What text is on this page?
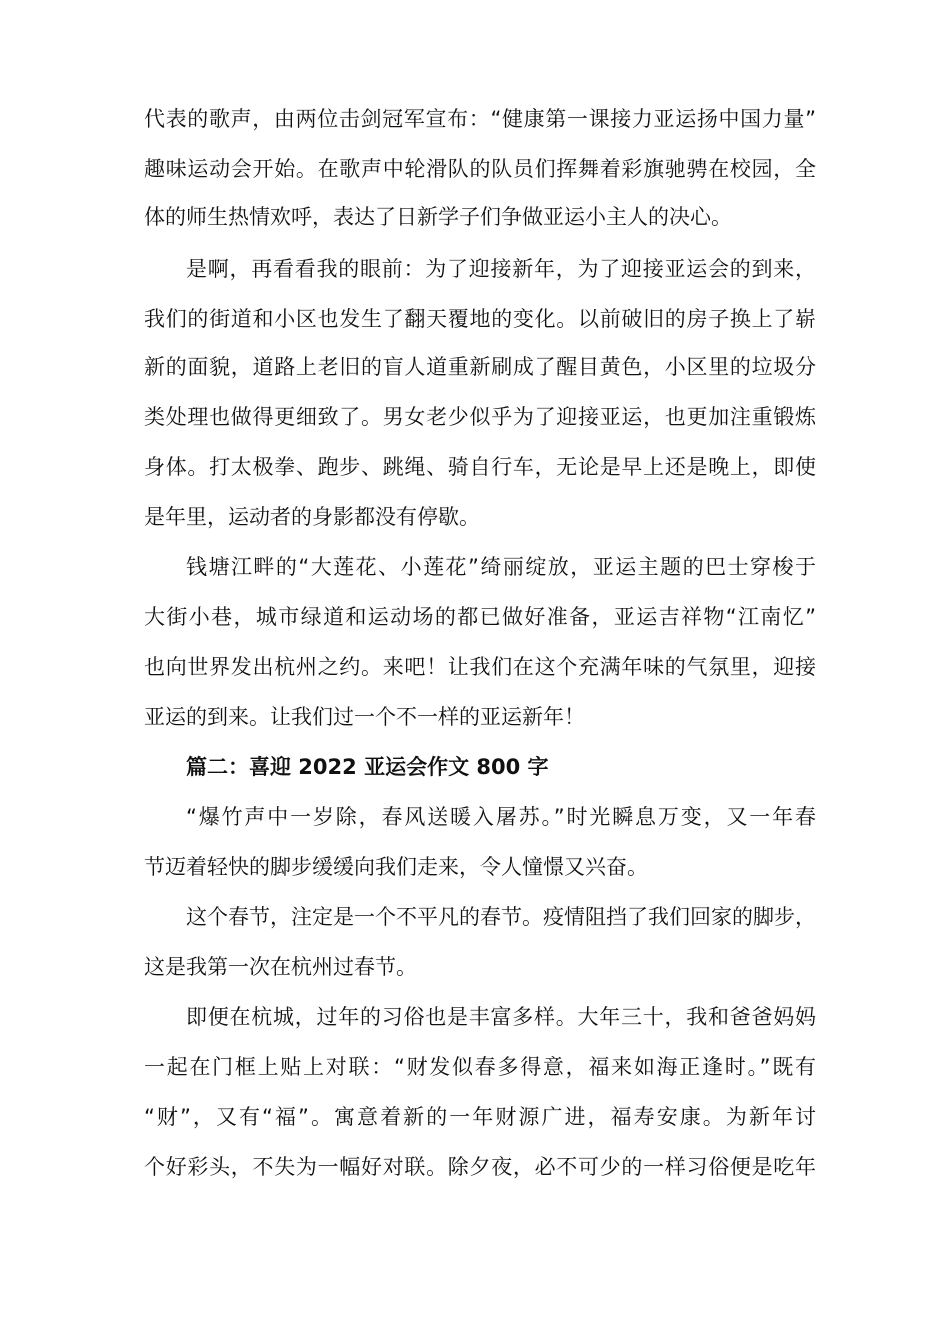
代表的歌声，由两位击剑冠军宣布：“健康第一课接力亚运扬中国力量”
趣味运动会开始。在歌声中轮滑队的队员们挥舞着彩旗驰骋在校园，全
体的师生热情欢呼，表达了日新学子们争做亚运小主人的决心。
是啊，再看看我的眼前：为了迎接新年，为了迎接亚运会的到来，
我们的街道和小区也发生了翻天覆地的变化。以前破旧的房子换上了崭
新的面貌，道路上老旧的盲人道重新刷成了醒目黄色，小区里的垃圾分
类处理也做得更细致了。男女老少似乎为了迎接亚运，也更加注重锻炼
身体。打太极拳、跑步、跳绳、骑自行车，无论是早上还是晚上，即使
是年里，运动者的身影都没有停歇。
钱塘江畔的“大莲花、小莲花”绮丽绽放，亚运主题的巴士穿梭于
大街小巷，城市绿道和运动场的都已做好准备，亚运吉祥物“江南忆”
也向世界发出杭州之约。来吧！让我们在这个充满年味的气氛里，迎接
亚运的到来。让我们过一个不一样的亚运新年！
篇二：喜迎 2022 亚运会作文 800 字
“爆竹声中一岁除，春风送暖入屠苏。”时光瞬息万变，又一年春
节迈着轻快的脚步缓缓向我们走来，令人憧憬又兴奋。
这个春节，注定是一个不平凡的春节。疫情阻挡了我们回家的脚步，
这是我第一次在杭州过春节。
即便在杭城，过年的习俗也是丰富多样。大年三十，我和爸爸妈妈
一起在门框上贴上对联：“财发似春多得意，福来如海正逢时。”既有
“财”，又有“福”。寓意着新的一年财源广进，福寿安康。为新年讨
个好彩头，不失为一幅好对联。除夕夜，必不可少的一样习俗便是吃年
